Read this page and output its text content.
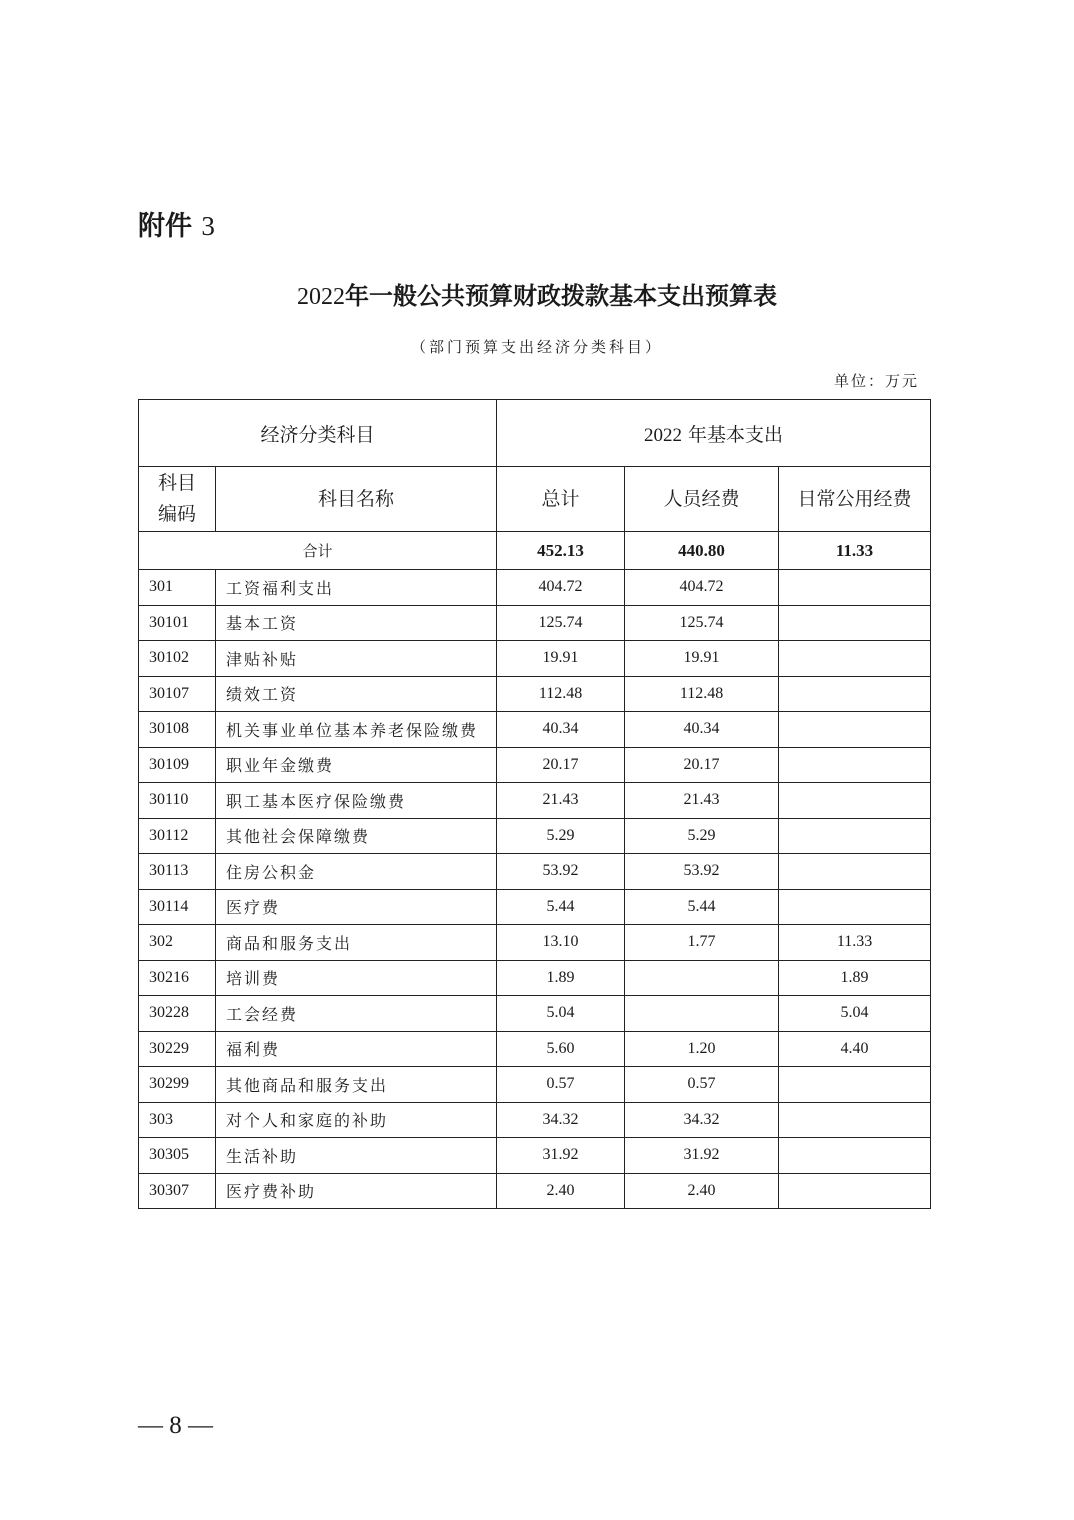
附件 3
2022年一般公共预算财政拨款基本支出预算表
（部门预算支出经济分类科目）
单位：万元
经济分类科目		2022 年基本支出		
科目
编码	科目名称	总计	人员经费	日常公用经费
合计		452.13	440.80	11.33
301	工资福利支出	404.72	404.72	
30101	基本工资	125.74	125.74	
30102	津贴补贴	19.91	19.91	
30107	绩效工资	112.48	112.48	
30108	机关事业单位基本养老保险缴费	40.34	40.34	
30109	职业年金缴费	20.17	20.17	
30110	职工基本医疗保险缴费	21.43	21.43	
30112	其他社会保障缴费	5.29	5.29	
30113	住房公积金	53.92	53.92	
30114	医疗费	5.44	5.44	
302	商品和服务支出	13.10	1.77	11.33
30216	培训费	1.89		1.89
30228	工会经费	5.04		5.04
30229	福利费	5.60	1.20	4.40
30299	其他商品和服务支出	0.57	0.57	
303	对个人和家庭的补助	34.32	34.32	
30305	生活补助	31.92	31.92	
30307	医疗费补助	2.40	2.40	
— 8 —
